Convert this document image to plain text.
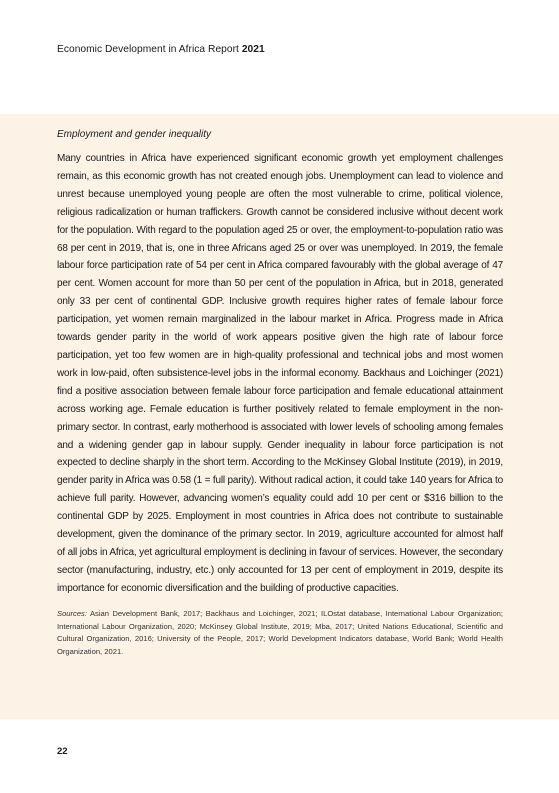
Economic Development in Africa Report 2021

Employment and gender inequality

Many countries in Africa have experienced significant economic growth yet employment challenges remain, as this economic growth has not created enough jobs. Unemployment can lead to violence and unrest because unemployed young people are often the most vulnerable to crime, political violence, religious radicalization or human traffickers. Growth cannot be considered inclusive without decent work for the population. With regard to the population aged 25 or over, the employment-to-population ratio was 68 per cent in 2019, that is, one in three Africans aged 25 or over was unemployed. In 2019, the female labour force participation rate of 54 per cent in Africa compared favourably with the global average of 47 per cent. Women account for more than 50 per cent of the population in Africa, but in 2018, generated only 33 per cent of continental GDP. Inclusive growth requires higher rates of female labour force participation, yet women remain marginalized in the labour market in Africa. Progress made in Africa towards gender parity in the world of work appears positive given the high rate of labour force participation, yet too few women are in high-quality professional and technical jobs and most women work in low-paid, often subsistence-level jobs in the informal economy. Backhaus and Loichinger (2021) find a positive association between female labour force participation and female educational attainment across working age. Female education is further positively related to female employment in the non-primary sector. In contrast, early motherhood is associated with lower levels of schooling among females and a widening gender gap in labour supply. Gender inequality in labour force participation is not expected to decline sharply in the short term. According to the McKinsey Global Institute (2019), in 2019, gender parity in Africa was 0.58 (1 = full parity). Without radical action, it could take 140 years for Africa to achieve full parity. However, advancing women’s equality could add 10 per cent or $316 billion to the continental GDP by 2025. Employment in most countries in Africa does not contribute to sustainable development, given the dominance of the primary sector. In 2019, agriculture accounted for almost half of all jobs in Africa, yet agricultural employment is declining in favour of services. However, the secondary sector (manufacturing, industry, etc.) only accounted for 13 per cent of employment in 2019, despite its importance for economic diversification and the building of productive capacities.

Sources: Asian Development Bank, 2017; Backhaus and Loichinger, 2021; ILOstat database, International Labour Organization; International Labour Organization, 2020; McKinsey Global Institute, 2019; Mba, 2017; United Nations Educational, Scientific and Cultural Organization, 2016; University of the People, 2017; World Development Indicators database, World Bank; World Health Organization, 2021.
22
